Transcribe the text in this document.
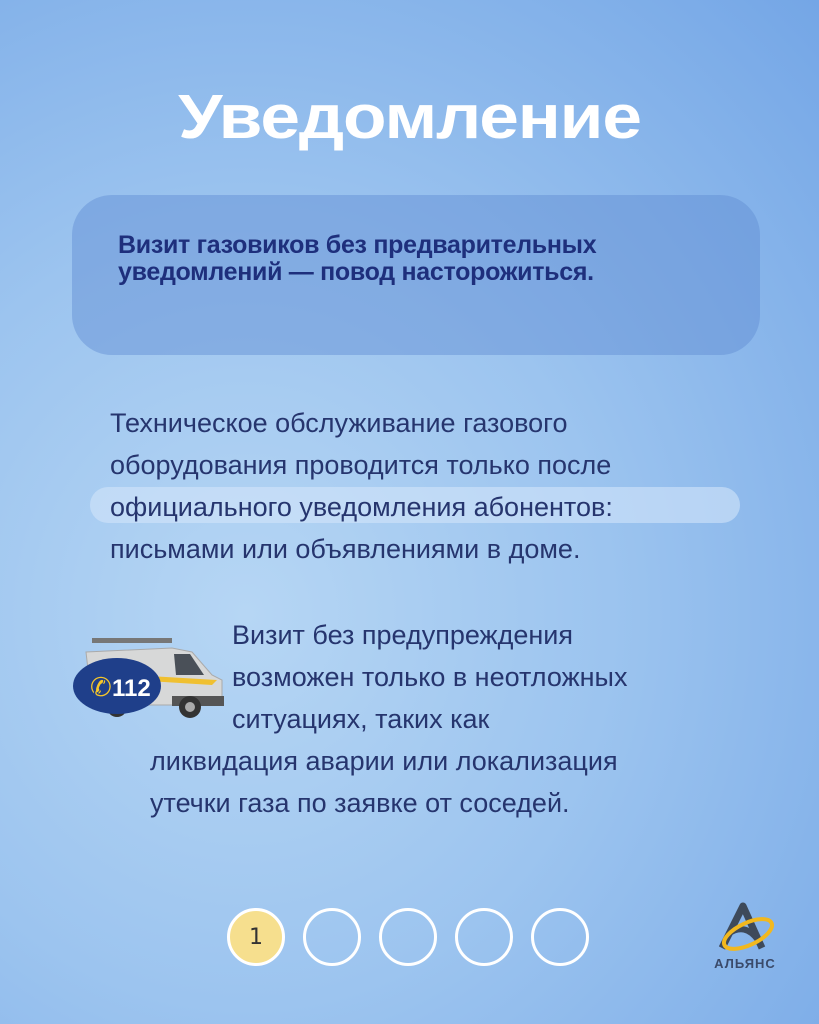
Уведомление
Визит газовиков без предварительных уведомлений — повод насторожиться.
Техническое обслуживание газового
оборудования проводится только после
официального уведомления абонентов:
письмами или объявлениями в доме.
✆ 112
Визит без предупреждения
возможен только в неотложных
ситуациях, таких как
ликвидация аварии или локализация
утечки газа по заявке от соседей.
1
АЛЬЯНС
